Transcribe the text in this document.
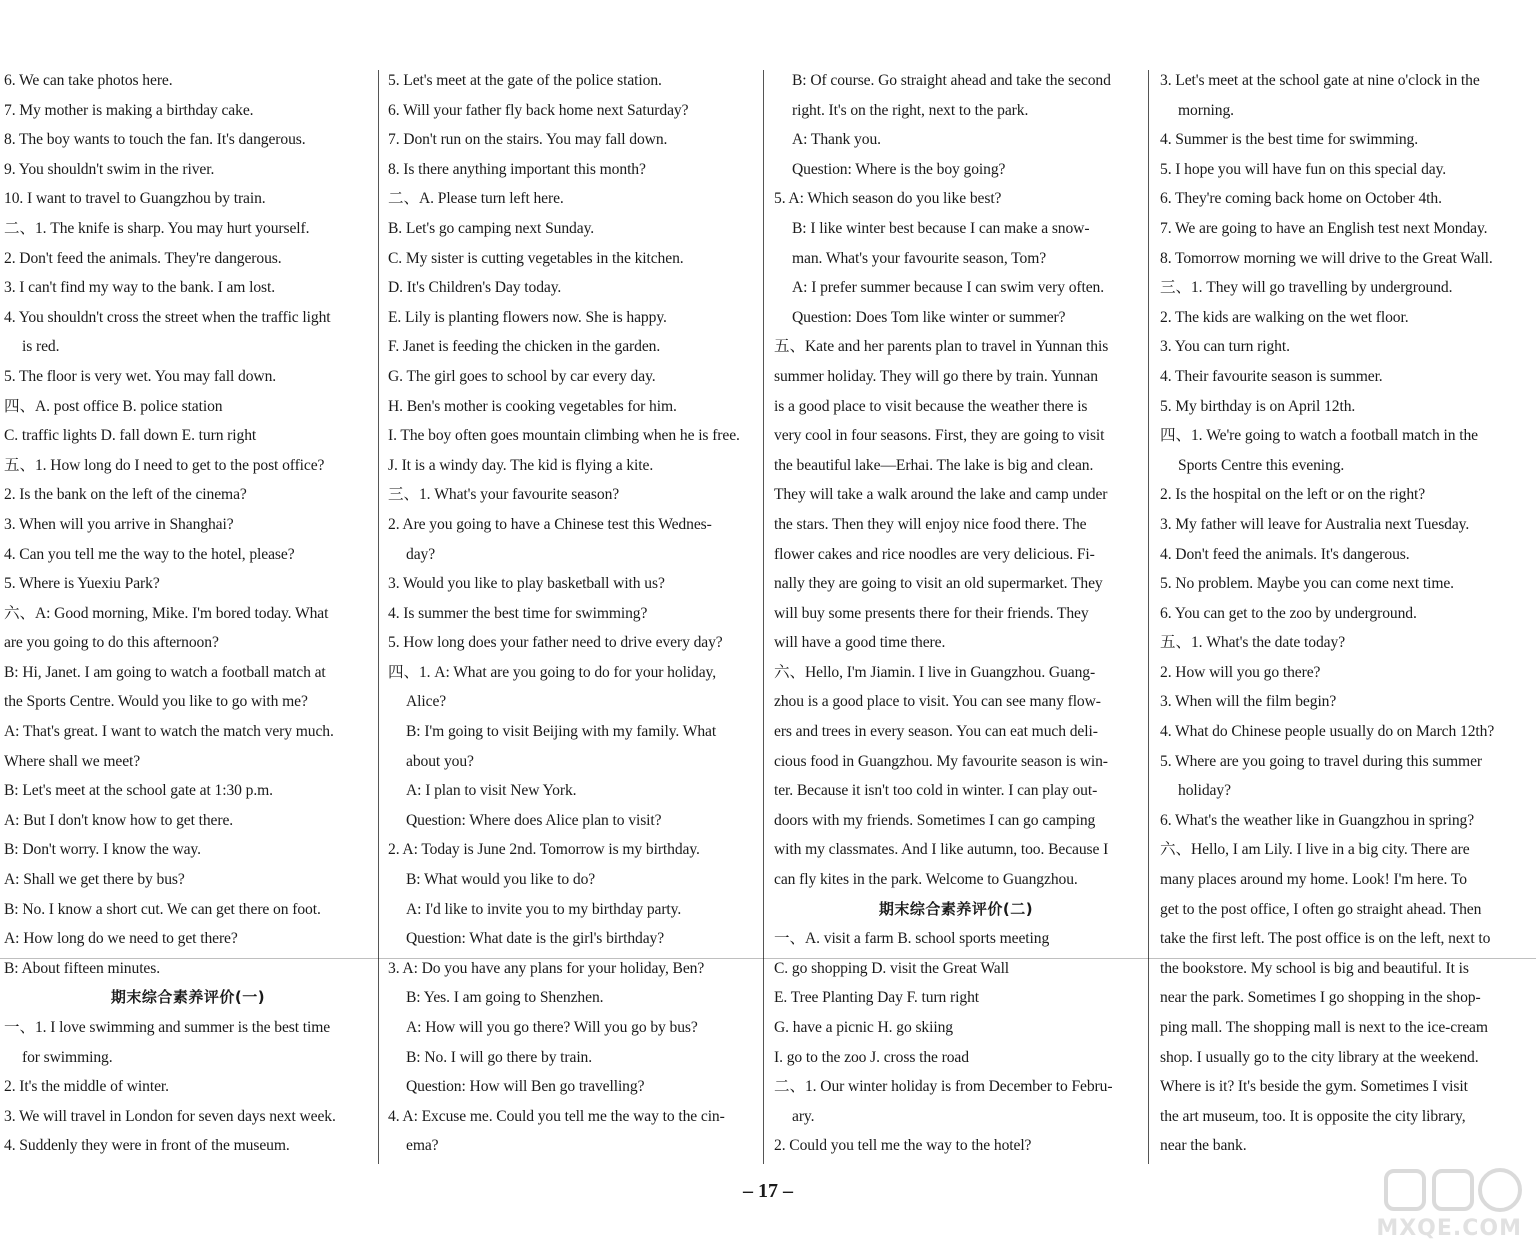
6. We can take photos here.
7. My mother is making a birthday cake.
8. The boy wants to touch the fan. It's dangerous.
9. You shouldn't swim in the river.
10. I want to travel to Guangzhou by train.
二、1. The knife is sharp. You may hurt yourself.
2. Don't feed the animals. They're dangerous.
3. I can't find my way to the bank. I am lost.
4. You shouldn't cross the street when the traffic light
is red.
5. The floor is very wet. You may fall down.
四、A. post office B. police station
C. traffic lights D. fall down E. turn right
五、1. How long do I need to get to the post office?
2. Is the bank on the left of the cinema?
3. When will you arrive in Shanghai?
4. Can you tell me the way to the hotel, please?
5. Where is Yuexiu Park?
六、A: Good morning, Mike. I'm bored today. What
are you going to do this afternoon?
B: Hi, Janet. I am going to watch a football match at
the Sports Centre. Would you like to go with me?
A: That's great. I want to watch the match very much.
Where shall we meet?
B: Let's meet at the school gate at 1:30 p.m.
A: But I don't know how to get there.
B: Don't worry. I know the way.
A: Shall we get there by bus?
B: No. I know a short cut. We can get there on foot.
A: How long do we need to get there?
B: About fifteen minutes.
期末综合素养评价(一)
一、1. I love swimming and summer is the best time
for swimming.
2. It's the middle of winter.
3. We will travel in London for seven days next week.
4. Suddenly they were in front of the museum.
5. Let's meet at the gate of the police station.
6. Will your father fly back home next Saturday?
7. Don't run on the stairs. You may fall down.
8. Is there anything important this month?
二、A. Please turn left here.
B. Let's go camping next Sunday.
C. My sister is cutting vegetables in the kitchen.
D. It's Children's Day today.
E. Lily is planting flowers now. She is happy.
F. Janet is feeding the chicken in the garden.
G. The girl goes to school by car every day.
H. Ben's mother is cooking vegetables for him.
I. The boy often goes mountain climbing when he is free.
J. It is a windy day. The kid is flying a kite.
三、1. What's your favourite season?
2. Are you going to have a Chinese test this Wednes-
day?
3. Would you like to play basketball with us?
4. Is summer the best time for swimming?
5. How long does your father need to drive every day?
四、1. A: What are you going to do for your holiday,
Alice?
B: I'm going to visit Beijing with my family. What
about you?
A: I plan to visit New York.
Question: Where does Alice plan to visit?
2. A: Today is June 2nd. Tomorrow is my birthday.
B: What would you like to do?
A: I'd like to invite you to my birthday party.
Question: What date is the girl's birthday?
3. A: Do you have any plans for your holiday, Ben?
B: Yes. I am going to Shenzhen.
A: How will you go there? Will you go by bus?
B: No. I will go there by train.
Question: How will Ben go travelling?
4. A: Excuse me. Could you tell me the way to the cin-
ema?
B: Of course. Go straight ahead and take the second
right. It's on the right, next to the park.
A: Thank you.
Question: Where is the boy going?
5. A: Which season do you like best?
B: I like winter best because I can make a snow-
man. What's your favourite season, Tom?
A: I prefer summer because I can swim very often.
Question: Does Tom like winter or summer?
五、Kate and her parents plan to travel in Yunnan this
summer holiday. They will go there by train. Yunnan
is a good place to visit because the weather there is
very cool in four seasons. First, they are going to visit
the beautiful lake—Erhai. The lake is big and clean.
They will take a walk around the lake and camp under
the stars. Then they will enjoy nice food there. The
flower cakes and rice noodles are very delicious. Fi-
nally they are going to visit an old supermarket. They
will buy some presents there for their friends. They
will have a good time there.
六、Hello, I'm Jiamin. I live in Guangzhou. Guang-
zhou is a good place to visit. You can see many flow-
ers and trees in every season. You can eat much deli-
cious food in Guangzhou. My favourite season is win-
ter. Because it isn't too cold in winter. I can play out-
doors with my friends. Sometimes I can go camping
with my classmates. And I like autumn, too. Because I
can fly kites in the park. Welcome to Guangzhou.
期末综合素养评价(二)
一、A. visit a farm B. school sports meeting
C. go shopping D. visit the Great Wall
E. Tree Planting Day F. turn right
G. have a picnic H. go skiing
I. go to the zoo J. cross the road
二、1. Our winter holiday is from December to Febru-
ary.
2. Could you tell me the way to the hotel?
3. Let's meet at the school gate at nine o'clock in the
morning.
4. Summer is the best time for swimming.
5. I hope you will have fun on this special day.
6. They're coming back home on October 4th.
7. We are going to have an English test next Monday.
8. Tomorrow morning we will drive to the Great Wall.
三、1. They will go travelling by underground.
2. The kids are walking on the wet floor.
3. You can turn right.
4. Their favourite season is summer.
5. My birthday is on April 12th.
四、1. We're going to watch a football match in the
Sports Centre this evening.
2. Is the hospital on the left or on the right?
3. My father will leave for Australia next Tuesday.
4. Don't feed the animals. It's dangerous.
5. No problem. Maybe you can come next time.
6. You can get to the zoo by underground.
五、1. What's the date today?
2. How will you go there?
3. When will the film begin?
4. What do Chinese people usually do on March 12th?
5. Where are you going to travel during this summer
holiday?
6. What's the weather like in Guangzhou in spring?
六、Hello, I am Lily. I live in a big city. There are
many places around my home. Look! I'm here. To
get to the post office, I often go straight ahead. Then
take the first left. The post office is on the left, next to
the bookstore. My school is big and beautiful. It is
near the park. Sometimes I go shopping in the shop-
ping mall. The shopping mall is next to the ice-cream
shop. I usually go to the city library at the weekend.
Where is it? It's beside the gym. Sometimes I visit
the art museum, too. It is opposite the city library,
near the bank.
– 17 –
MXQE.COM
